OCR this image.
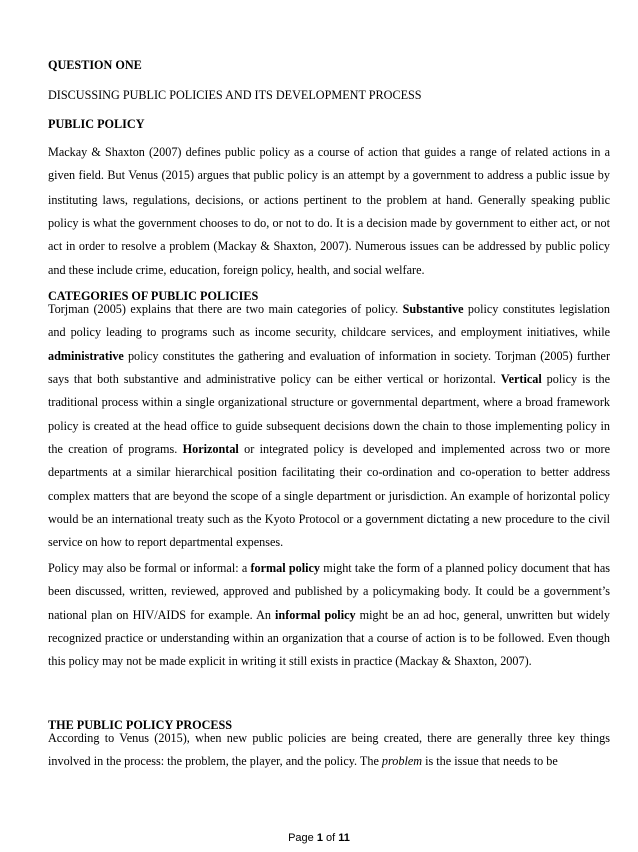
QUESTION ONE

DISCUSSING PUBLIC POLICIES AND ITS DEVELOPMENT PROCESS

PUBLIC POLICY

Mackay & Shaxton (2007) defines public policy as a course of action that guides a range of related actions in a given field. But Venus (2015) argues that public policy is an attempt by a government to address a public issue by instituting laws, regulations, decisions, or actions pertinent to the problem at hand. Generally speaking public policy is what the government chooses to do, or not to do. It is a decision made by government to either act, or not act in order to resolve a problem (Mackay & Shaxton, 2007). Numerous issues can be addressed by public policy and these include crime, education, foreign policy, health, and social welfare.

CATEGORIES OF PUBLIC POLICIES

Torjman (2005) explains that there are two main categories of policy. Substantive policy constitutes legislation and policy leading to programs such as income security, childcare services, and employment initiatives, while administrative policy constitutes the gathering and evaluation of information in society. Torjman (2005) further says that both substantive and administrative policy can be either vertical or horizontal. Vertical policy is the traditional process within a single organizational structure or governmental department, where a broad framework policy is created at the head office to guide subsequent decisions down the chain to those implementing policy in the creation of programs. Horizontal or integrated policy is developed and implemented across two or more departments at a similar hierarchical position facilitating their co-ordination and co-operation to better address complex matters that are beyond the scope of a single department or jurisdiction. An example of horizontal policy would be an international treaty such as the Kyoto Protocol or a government dictating a new procedure to the civil service on how to report departmental expenses.

Policy may also be formal or informal: a formal policy might take the form of a planned policy document that has been discussed, written, reviewed, approved and published by a policymaking body. It could be a government’s national plan on HIV/AIDS for example. An informal policy might be an ad hoc, general, unwritten but widely recognized practice or understanding within an organization that a course of action is to be followed. Even though this policy may not be made explicit in writing it still exists in practice (Mackay & Shaxton, 2007).

THE PUBLIC POLICY PROCESS

According to Venus (2015), when new public policies are being created, there are generally three key things involved in the process: the problem, the player, and the policy. The problem is the issue that needs to be

Page 1 of 11
